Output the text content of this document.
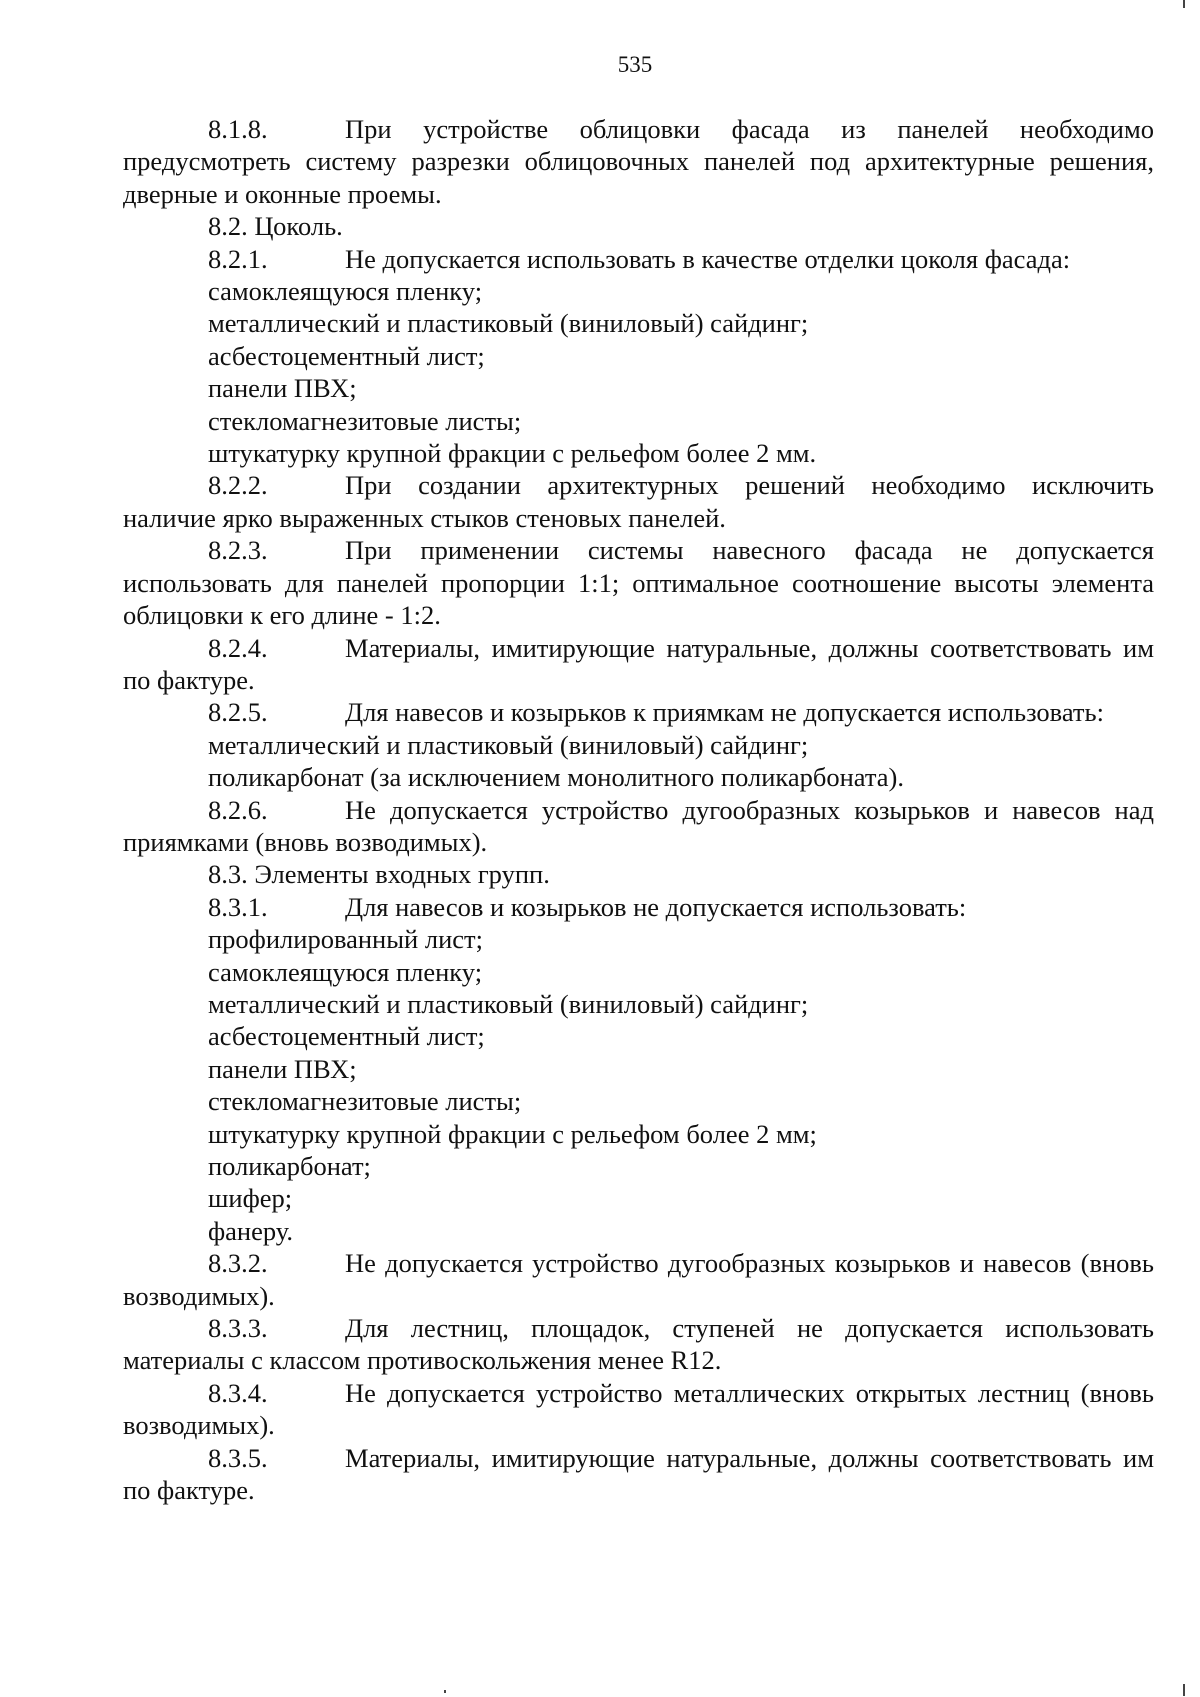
535
8.1.8.	При устройстве облицовки фасада из панелей необходимо предусмотреть систему разрезки облицовочных панелей под архитектурные решения, дверные и оконные проемы.
8.2. Цоколь.
8.2.1.	Не допускается использовать в качестве отделки цоколя фасада:
самоклеящуюся пленку;
металлический и пластиковый (виниловый) сайдинг;
асбестоцементный лист;
панели ПВХ;
стекломагнезитовые листы;
штукатурку крупной фракции с рельефом более 2 мм.
8.2.2.	При создании архитектурных решений необходимо исключить наличие ярко выраженных стыков стеновых панелей.
8.2.3.	При применении системы навесного фасада не допускается использовать для панелей пропорции 1:1; оптимальное соотношение высоты элемента облицовки к его длине - 1:2.
8.2.4.	Материалы, имитирующие натуральные, должны соответствовать им по фактуре.
8.2.5.	Для навесов и козырьков к приямкам не допускается использовать:
металлический и пластиковый (виниловый) сайдинг;
поликарбонат (за исключением монолитного поликарбоната).
8.2.6.	Не допускается устройство дугообразных козырьков и навесов над приямками (вновь возводимых).
8.3. Элементы входных групп.
8.3.1.	Для навесов и козырьков не допускается использовать:
профилированный лист;
самоклеящуюся пленку;
металлический и пластиковый (виниловый) сайдинг;
асбестоцементный лист;
панели ПВХ;
стекломагнезитовые листы;
штукатурку крупной фракции с рельефом более 2 мм;
поликарбонат;
шифер;
фанеру.
8.3.2.	Не допускается устройство дугообразных козырьков и навесов (вновь возводимых).
8.3.3.	Для лестниц, площадок, ступеней не допускается использовать материалы с классом противоскольжения менее R12.
8.3.4.	Не допускается устройство металлических открытых лестниц (вновь возводимых).
8.3.5.	Материалы, имитирующие натуральные, должны соответствовать им по фактуре.
